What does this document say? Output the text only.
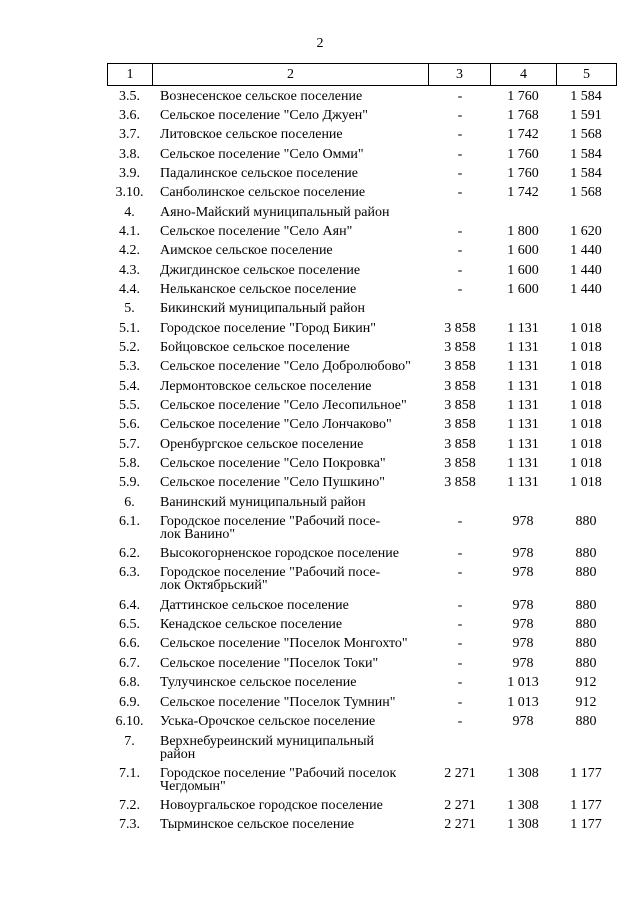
2
1	2	3	4	5
3.5.	Вознесенское сельское поселение	-	1 760	1 584
3.6.	Сельское поселение "Село Джуен"	-	1 768	1 591
3.7.	Литовское сельское поселение	-	1 742	1 568
3.8.	Сельское поселение "Село Омми"	-	1 760	1 584
3.9.	Падалинское сельское поселение	-	1 760	1 584
3.10.	Санболинское сельское поселение	-	1 742	1 568
4.	Аяно-Майский муниципальный район
4.1.	Сельское поселение "Село Аян"	-	1 800	1 620
4.2.	Аимское сельское поселение	-	1 600	1 440
4.3.	Джигдинское сельское поселение	-	1 600	1 440
4.4.	Нельканское сельское поселение	-	1 600	1 440
5.	Бикинский муниципальный район
5.1.	Городское поселение "Город Бикин"	3 858	1 131	1 018
5.2.	Бойцовское сельское поселение	3 858	1 131	1 018
5.3.	Сельское поселение "Село Добролюбово"	3 858	1 131	1 018
5.4.	Лермонтовское сельское поселение	3 858	1 131	1 018
5.5.	Сельское поселение "Село Лесопильное"	3 858	1 131	1 018
5.6.	Сельское поселение "Село Лончаково"	3 858	1 131	1 018
5.7.	Оренбургское сельское поселение	3 858	1 131	1 018
5.8.	Сельское поселение "Село Покровка"	3 858	1 131	1 018
5.9.	Сельское поселение "Село Пушкино"	3 858	1 131	1 018
6.	Ванинский муниципальный район
6.1.	Городское поселение "Рабочий посе-
лок Ванино"
-	978	880
6.2.	Высокогорненское городское поселение	-	978	880
6.3.	Городское поселение "Рабочий посе-
лок Октябрьский"
-	978	880
6.4.	Даттинское сельское поселение	-	978	880
6.5.	Кенадское сельское поселение	-	978	880
6.6.	Сельское поселение "Поселок Монгохто"	-	978	880
6.7.	Сельское поселение "Поселок Токи"	-	978	880
6.8.	Тулучинское сельское поселение	-	1 013	912
6.9.	Сельское поселение "Поселок Тумнин"	-	1 013	912
6.10.	Уська-Орочское сельское поселение	-	978	880
7.	Верхнебуреинский муниципальный
район
7.1.	Городское поселение "Рабочий поселок
Чегдомын"
2 271	1 308	1 177
7.2.	Новоургальское городское поселение	2 271	1 308	1 177
7.3.	Тырминское сельское поселение	2 271	1 308	1 177
